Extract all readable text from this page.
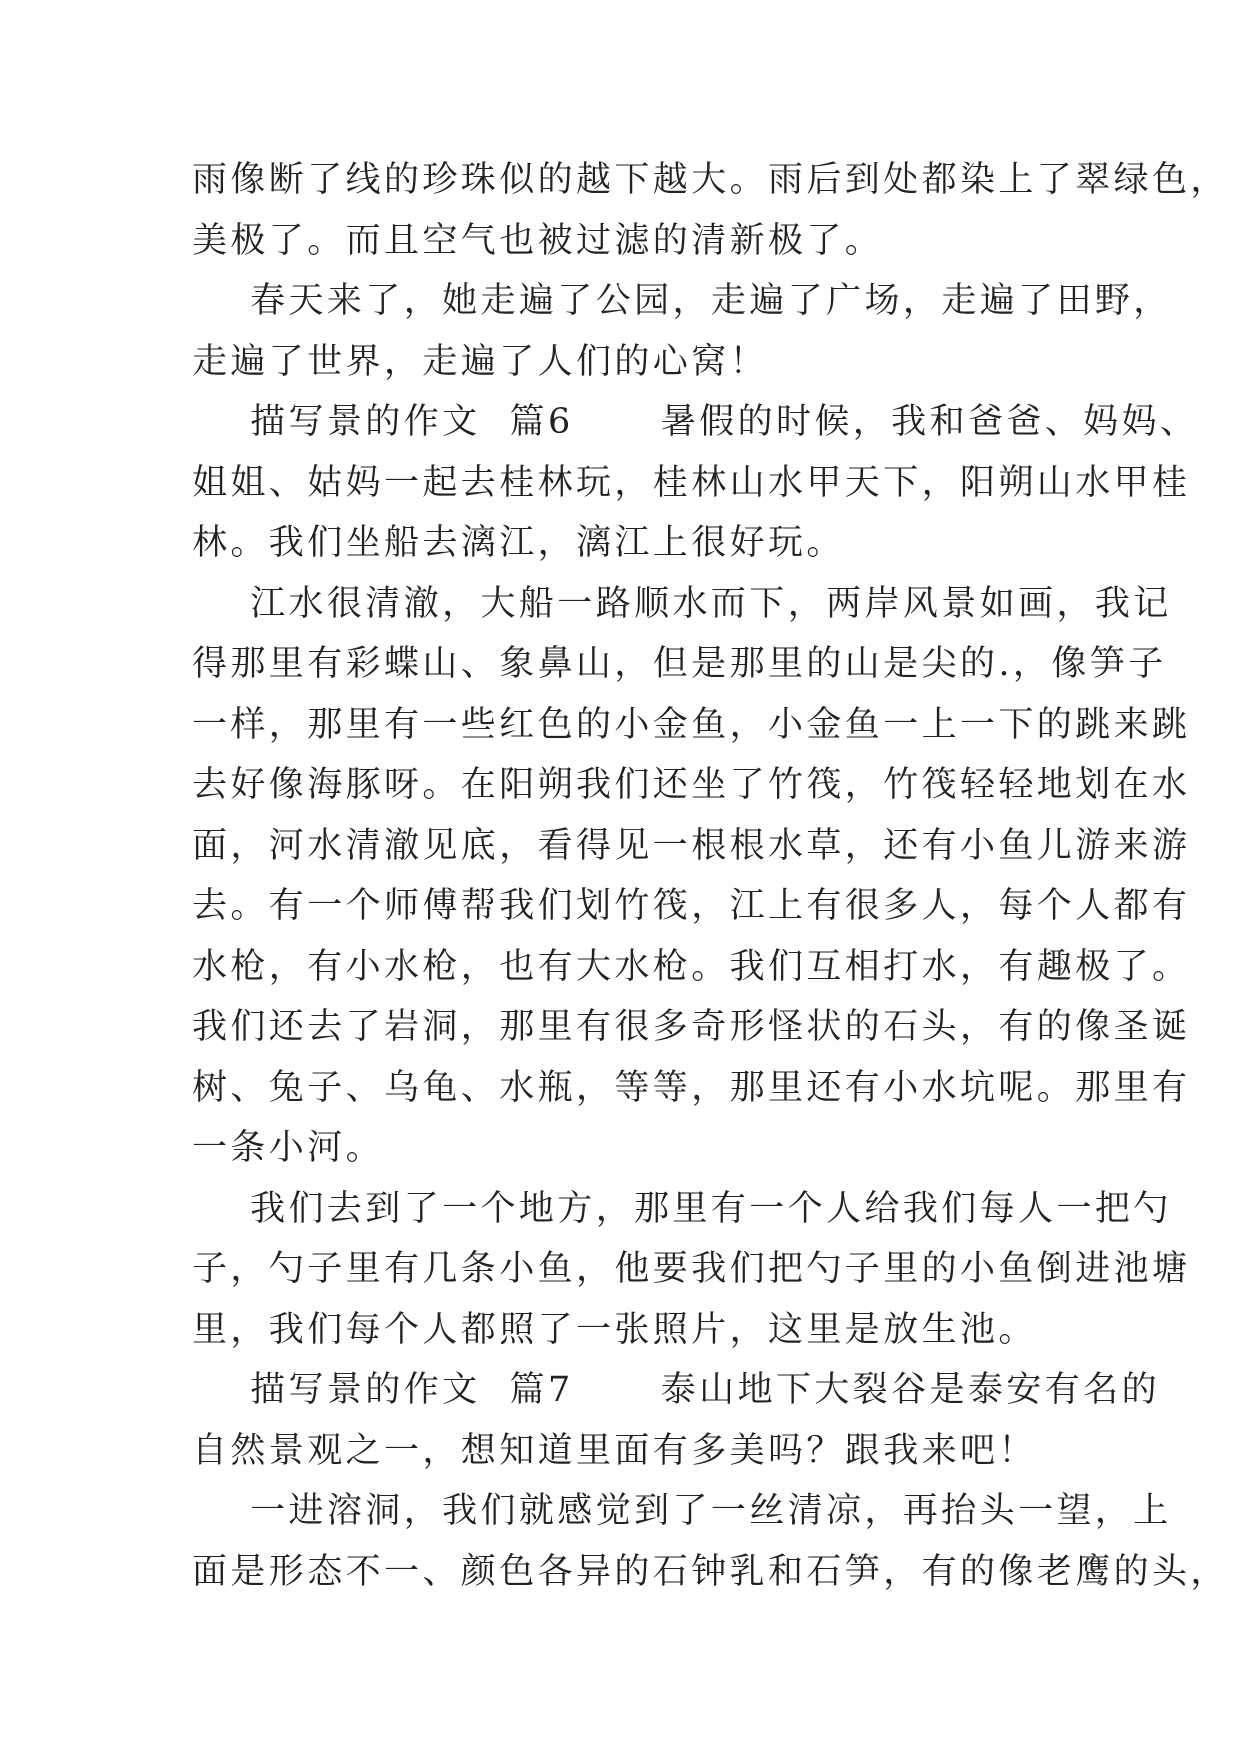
雨像断了线的珍珠似的越下越大。雨后到处都染上了翠绿色，
美极了。而且空气也被过滤的清新极了。
春天来了，她走遍了公园，走遍了广场，走遍了田野，
走遍了世界，走遍了人们的心窝！
描写景的作文  篇6      暑假的时候，我和爸爸、妈妈、
姐姐、姑妈一起去桂林玩，桂林山水甲天下，阳朔山水甲桂
林。我们坐船去漓江，漓江上很好玩。
江水很清澈，大船一路顺水而下，两岸风景如画，我记
得那里有彩蝶山、象鼻山，但是那里的山是尖的.，像笋子
一样，那里有一些红色的小金鱼，小金鱼一上一下的跳来跳
去好像海豚呀。在阳朔我们还坐了竹筏，竹筏轻轻地划在水
面，河水清澈见底，看得见一根根水草，还有小鱼儿游来游
去。有一个师傅帮我们划竹筏，江上有很多人，每个人都有
水枪，有小水枪，也有大水枪。我们互相打水，有趣极了。
我们还去了岩洞，那里有很多奇形怪状的石头，有的像圣诞
树、兔子、乌龟、水瓶，等等，那里还有小水坑呢。那里有
一条小河。
我们去到了一个地方，那里有一个人给我们每人一把勺
子，勺子里有几条小鱼，他要我们把勺子里的小鱼倒进池塘
里，我们每个人都照了一张照片，这里是放生池。
描写景的作文  篇7      泰山地下大裂谷是泰安有名的
自然景观之一，想知道里面有多美吗？跟我来吧！
一进溶洞，我们就感觉到了一丝清凉，再抬头一望，上
面是形态不一、颜色各异的石钟乳和石笋，有的像老鹰的头，
